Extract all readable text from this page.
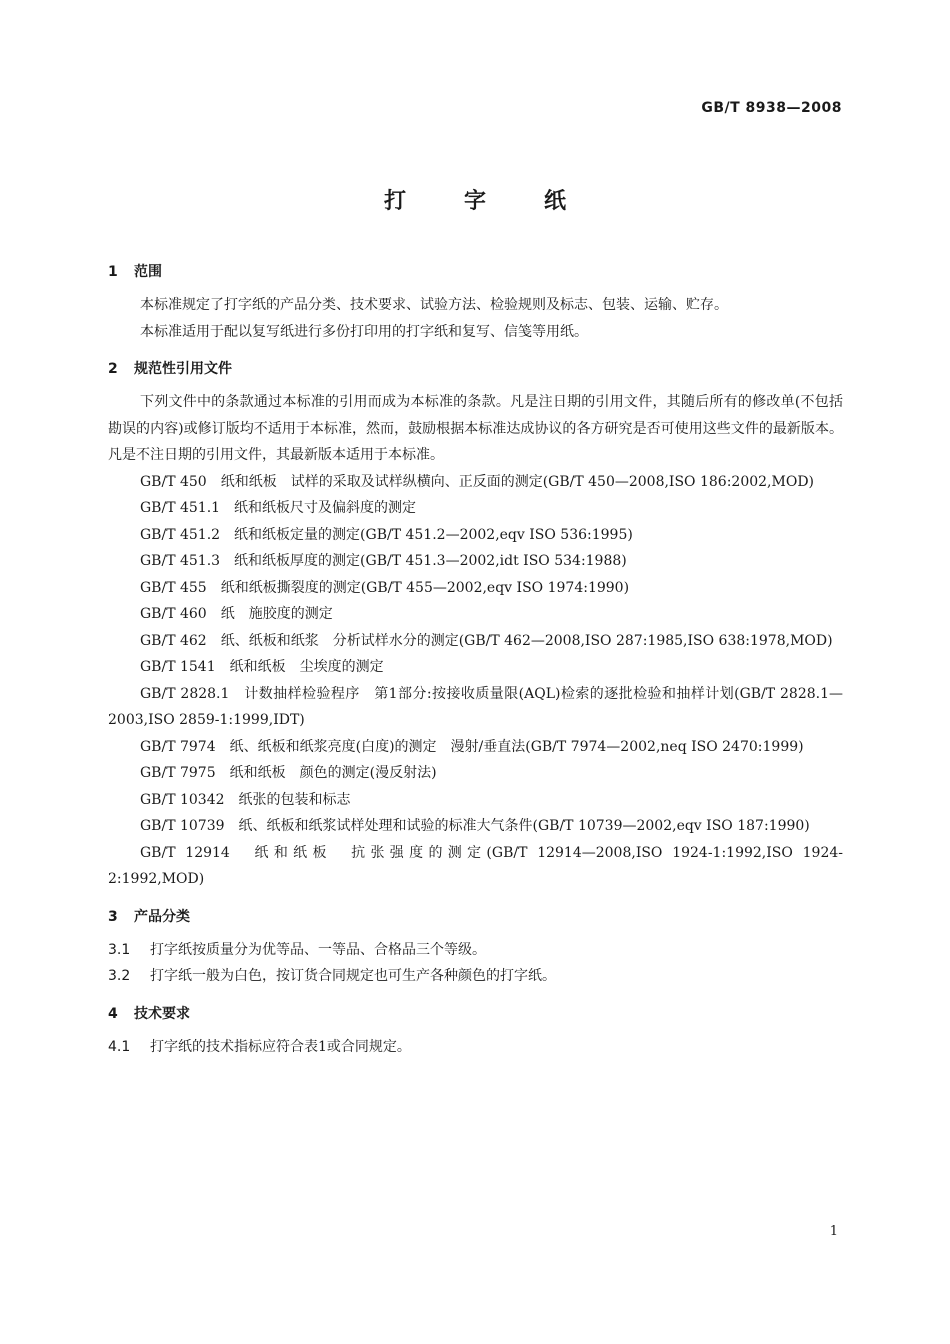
GB/T 8938—2008
打字纸
1 范围

本标准规定了打字纸的产品分类、技术要求、试验方法、检验规则及标志、包装、运输、贮存。

本标准适用于配以复写纸进行多份打印用的打字纸和复写、信笺等用纸。

2 规范性引用文件

下列文件中的条款通过本标准的引用而成为本标准的条款。凡是注日期的引用文件，其随后所有的修改单(不包括勘误的内容)或修订版均不适用于本标准，然而，鼓励根据本标准达成协议的各方研究是否可使用这些文件的最新版本。凡是不注日期的引用文件，其最新版本适用于本标准。

GB/T 450　纸和纸板　试样的采取及试样纵横向、正反面的测定(GB/T 450—2008,ISO 186:2002,MOD)

GB/T 451.1　纸和纸板尺寸及偏斜度的测定

GB/T 451.2　纸和纸板定量的测定(GB/T 451.2—2002,eqv ISO 536:1995)

GB/T 451.3　纸和纸板厚度的测定(GB/T 451.3—2002,idt ISO 534:1988)

GB/T 455　纸和纸板撕裂度的测定(GB/T 455—2002,eqv ISO 1974:1990)

GB/T 460　纸　施胶度的测定

GB/T 462　纸、纸板和纸浆　分析试样水分的测定(GB/T 462—2008,ISO 287:1985,ISO 638:1978,MOD)

GB/T 1541　纸和纸板　尘埃度的测定

GB/T 2828.1　计数抽样检验程序　第1部分:按接收质量限(AQL)检索的逐批检验和抽样计划(GB/T 2828.1—2003,ISO 2859-1:1999,IDT)

GB/T 7974　纸、纸板和纸浆亮度(白度)的测定　漫射/垂直法(GB/T 7974—2002,neq ISO 2470:1999)

GB/T 7975　纸和纸板　颜色的测定(漫反射法)

GB/T 10342　纸张的包装和标志

GB/T 10739　纸、纸板和纸浆试样处理和试验的标准大气条件(GB/T 10739—2002,eqv ISO 187:1990)

GB/T 12914　纸和纸板　抗张强度的测定(GB/T 12914—2008,ISO 1924-1:1992,ISO 1924-2:1992,MOD)

3 产品分类

3.1 打字纸按质量分为优等品、一等品、合格品三个等级。

3.2 打字纸一般为白色，按订货合同规定也可生产各种颜色的打字纸。

4 技术要求

4.1 打字纸的技术指标应符合表1或合同规定。

1
